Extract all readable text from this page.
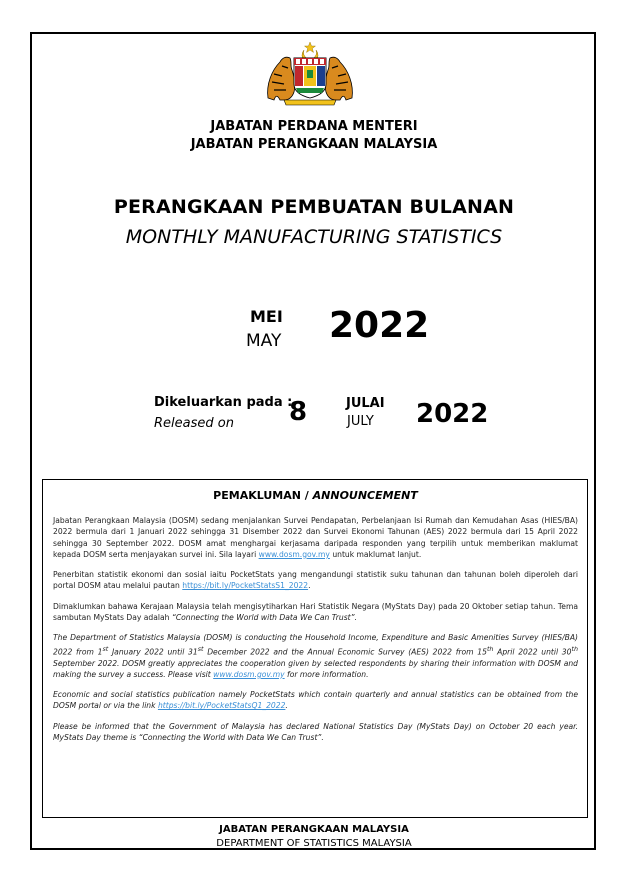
JABATAN PERDANA MENTERI
JABATAN PERANGKAAN MALAYSIA
PERANGKAAN PEMBUATAN BULANAN
MONTHLY MANUFACTURING STATISTICS
MEI
MAY 2022
Dikeluarkan pada :
Released on 8	JULAI
JULY 2022
PEMAKLUMAN / ANNOUNCEMENT

Jabatan Perangkaan Malaysia (DOSM) sedang menjalankan Survei Pendapatan, Perbelanjaan Isi Rumah dan Kemudahan Asas (HIES/BA) 2022 bermula dari 1 Januari 2022 sehingga 31 Disember 2022 dan Survei Ekonomi Tahunan (AES) 2022 bermula dari 15 April 2022 sehingga 30 September 2022. DOSM amat menghargai kerjasama daripada responden yang terpilih untuk memberikan maklumat kepada DOSM serta menjayakan survei ini. Sila layari www.dosm.gov.my untuk maklumat lanjut.

Penerbitan statistik ekonomi dan sosial iaitu PocketStats yang mengandungi statistik suku tahunan dan tahunan boleh diperoleh dari portal DOSM atau melalui pautan https://bit.ly/PocketStatsS1_2022.

Dimaklumkan bahawa Kerajaan Malaysia telah mengisytiharkan Hari Statistik Negara (MyStats Day) pada 20 Oktober setiap tahun. Tema sambutan MyStats Day adalah “Connecting the World with Data We Can Trust”.

The Department of Statistics Malaysia (DOSM) is conducting the Household Income, Expenditure and Basic Amenities Survey (HIES/BA) 2022 from 1st January 2022 until 31st December 2022 and the Annual Economic Survey (AES) 2022 from 15th April 2022 until 30th September 2022. DOSM greatly appreciates the cooperation given by selected respondents by sharing their information with DOSM and making the survey a success. Please visit www.dosm.gov.my for more information.

Economic and social statistics publication namely PocketStats which contain quarterly and annual statistics can be obtained from the DOSM portal or via the link https://bit.ly/PocketStatsQ1_2022.

Please be informed that the Government of Malaysia has declared National Statistics Day (MyStats Day) on October 20 each year. MyStats Day theme is “Connecting the World with Data We Can Trust”.

JABATAN PERANGKAAN MALAYSIA
DEPARTMENT OF STATISTICS MALAYSIA
